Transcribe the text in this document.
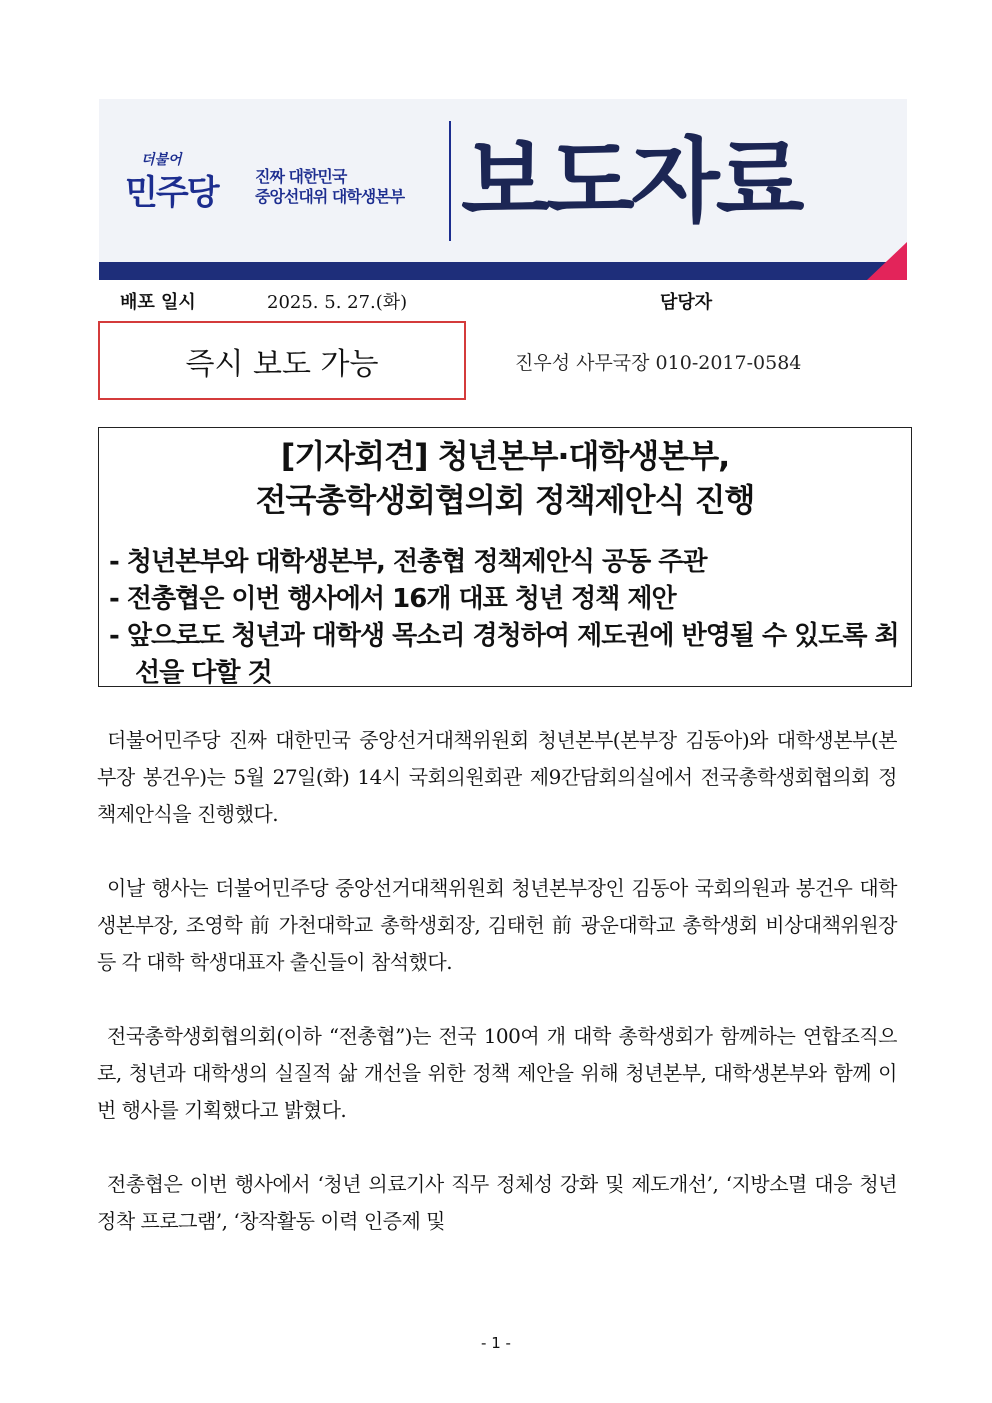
더불어
민주당 진짜 대한민국
중앙선대위 대학생본부 보도자료
배포 일시	2025. 5. 27.(화)	담당자
즉시 보도 가능	진우성 사무국장 010-2017-0584
[기자회견] 청년본부·대학생본부,
전국총학생회협의회 정책제안식 진행
- 청년본부와 대학생본부, 전총협 정책제안식 공동 주관
- 전총협은 이번 행사에서 16개 대표 청년 정책 제안
- 앞으로도 청년과 대학생 목소리 경청하여 제도권에 반영될 수 있도록 최선을 다할 것

더불어민주당 진짜 대한민국 중앙선거대책위원회 청년본부(본부장 김동아)와 대학생본부(본부장 봉건우)는 5월 27일(화) 14시 국회의원회관 제9간담회의실에서 전국총학생회협의회 정책제안식을 진행했다.

이날 행사는 더불어민주당 중앙선거대책위원회 청년본부장인 김동아 국회의원과 봉건우 대학생본부장, 조영학 前 가천대학교 총학생회장, 김태헌 前 광운대학교 총학생회 비상대책위원장 등 각 대학 학생대표자 출신들이 참석했다.

전국총학생회협의회(이하 “전총협”)는 전국 100여 개 대학 총학생회가 함께하는 연합조직으로, 청년과 대학생의 실질적 삶 개선을 위한 정책 제안을 위해 청년본부, 대학생본부와 함께 이번 행사를 기획했다고 밝혔다.

전총협은 이번 행사에서 ‘청년 의료기사 직무 정체성 강화 및 제도개선’, ‘지방소멸 대응 청년 정착 프로그램’, ‘창작활동 이력 인증제 및

- 1 -
